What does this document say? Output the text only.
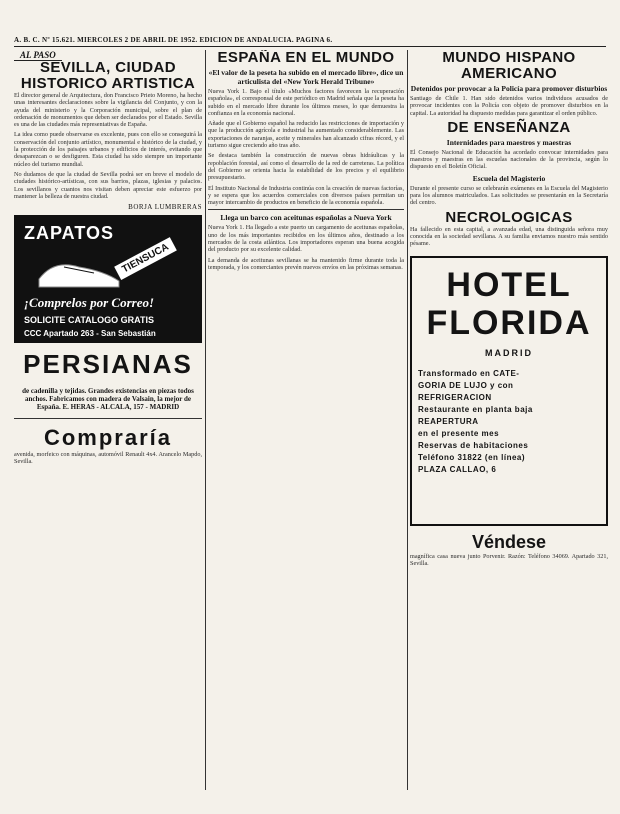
A. B. C. Nº 15.621. MIERCOLES 2 DE ABRIL DE 1952. EDICION DE ANDALUCIA. PAGINA 6.
AL PASO
SEVILLA, CIUDAD HISTORICO ARTISTICA

El director general de Arquitectura, don Francisco Prieto Moreno, ha hecho unas interesantes declaraciones sobre la vigilancia del Conjunto, y con la ayuda del ministerio y la Corporación municipal, sobre el plan de ordenación de monumentos que deben ser declarados por el Estado. Sevilla es una de las ciudades más representativas de España.

La idea como puede observarse es excelente, pues con ello se conseguirá la conservación del conjunto artístico, monumental e histórico de la ciudad, y la protección de los paisajes urbanos y edificios de interés, evitando que desaparezcan o se desfiguren. Esta ciudad ha sido siempre un importante núcleo del turismo mundial.

No dudamos de que la ciudad de Sevilla podrá ser en breve el modelo de ciudades histórico-artísticas, con sus barrios, plazas, iglesias y palacios. Los sevillanos y cuantos nos visitan deben apreciar este esfuerzo por mantener la belleza de nuestra ciudad.

BORJA LUMBRERAS
ZAPATOS
TIENSUCA
¡Comprelos por Correo!
SOLICITE CATALOGO GRATIS
CCC Apartado 263 - San Sebastián
PERSIANAS

de cadenilla y tejidas. Grandes existencias en piezas todos anchos. Fabricamos con madera de Valsain, la mejor de España. E. HERAS - ALCALA, 157 - MADRID

Compraría

avenida, morfeico con máquinas, automóvil Renault 4x4. Arancelo Mapdo, Sevilla.

ESPAÑA EN EL MUNDO
«El valor de la peseta ha subido en el mercado libre», dice un articulista del «New York Herald Tribune»

Nueva York 1. Bajo el título «Muchos factores favorecen la recuperación española», el corresponsal de este periódico en Madrid señala que la peseta ha subido en el mercado libre durante los últimos meses, lo que demuestra la confianza en la economía nacional.

Añade que el Gobierno español ha reducido las restricciones de importación y que la producción agrícola e industrial ha aumentado considerablemente. Las exportaciones de naranjas, aceite y minerales han alcanzado cifras récord, y el turismo sigue creciendo año tras año.

Se destaca también la construcción de nuevas obras hidráulicas y la repoblación forestal, así como el desarrollo de la red de carreteras. La política del Gobierno se orienta hacia la estabilidad de los precios y el equilibrio presupuestario.

El Instituto Nacional de Industria continúa con la creación de nuevas factorías, y se espera que los acuerdos comerciales con diversos países permitan un mayor intercambio de productos en beneficio de la economía española.

Llega un barco con aceitunas españolas a Nueva York

Nueva York 1. Ha llegado a este puerto un cargamento de aceitunas españolas, uno de los más importantes recibidos en los últimos años, destinado a los mercados de la costa atlántica. Los importadores esperan una buena acogida del producto por su excelente calidad.

La demanda de aceitunas sevillanas se ha mantenido firme durante toda la temporada, y los comerciantes prevén nuevos envíos en las próximas semanas.

MUNDO HISPANO AMERICANO
Detenidos por provocar a la Policía para promover disturbios

Santiago de Chile 1. Han sido detenidos varios individuos acusados de provocar incidentes con la Policía con objeto de promover disturbios en la capital. La autoridad ha dispuesto medidas para garantizar el orden público.

DE ENSEÑANZA
Internidades para maestros y maestras

El Consejo Nacional de Educación ha acordado convocar internidades para maestros y maestras en las escuelas nacionales de la provincia, según lo dispuesto en el Boletín Oficial.

Escuela del Magisterio

Durante el presente curso se celebrarán exámenes en la Escuela del Magisterio para los alumnos matriculados. Las solicitudes se presentarán en la Secretaría del centro.

NECROLOGICAS

Ha fallecido en esta capital, a avanzada edad, una distinguida señora muy conocida en la sociedad sevillana. A su familia enviamos nuestro más sentido pésame.

HOTEL
FLORIDA
MADRID
Transformado en CATE-
GORIA DE LUJO y con
REFRIGERACION
Restaurante en planta baja
REAPERTURA
en el presente mes
Reservas de habitaciones
Teléfono 31822 (en línea)
PLAZA CALLAO, 6
Véndese

magnífica casa nueva junto Porvenir. Razón: Teléfono 34069. Apartado 321, Sevilla.
